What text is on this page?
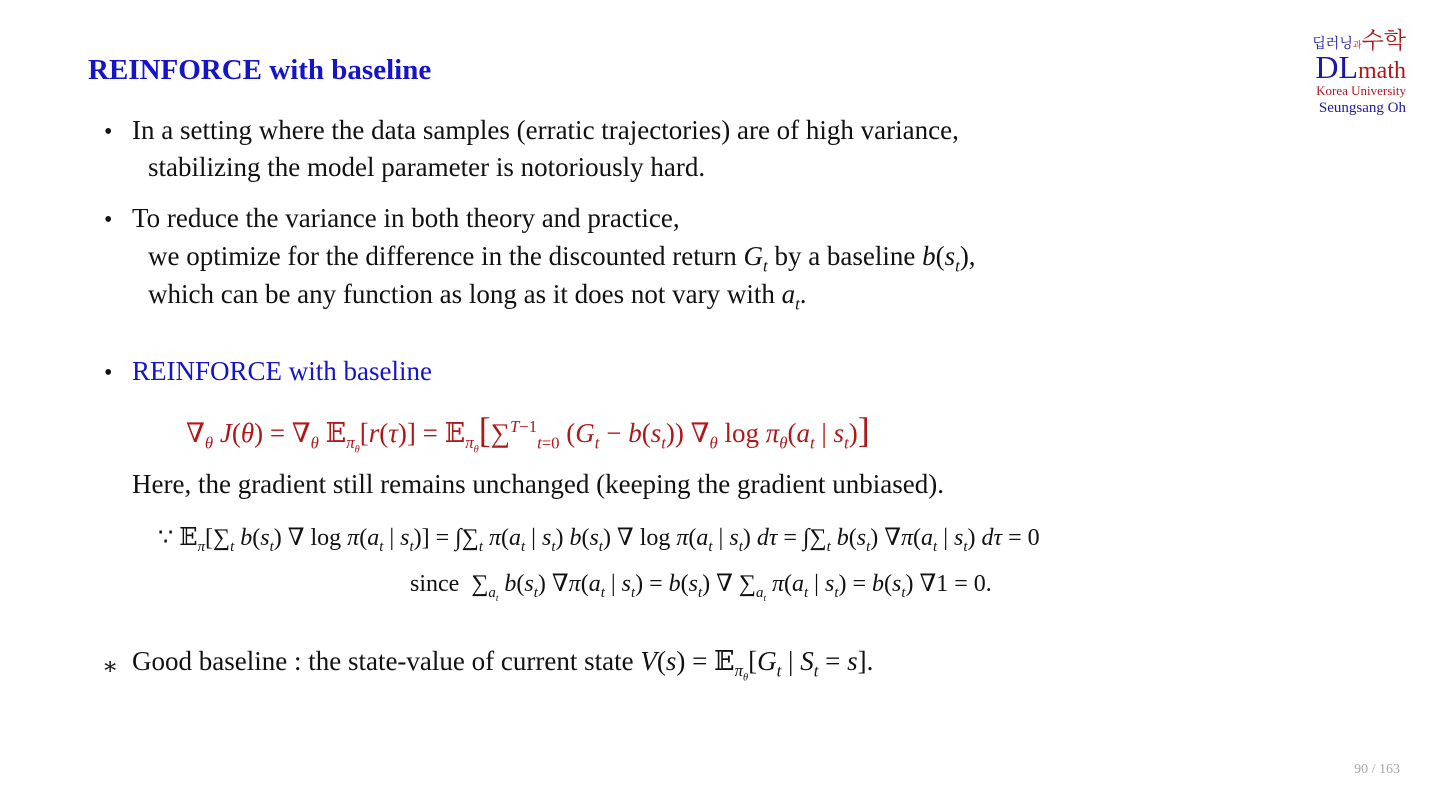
REINFORCE with baseline
딥러닝과수학
DLmath
Korea University
Seungsang Oh
• In a setting where the data samples (erratic trajectories) are of high variance,
stabilizing the model parameter is notoriously hard.
• To reduce the variance in both theory and practice,
we optimize for the difference in the discounted return $G_t$ by a baseline $b(s_t)$,
which can be any function as long as it does not vary with $a_t$.
• REINFORCE with baseline
$\nabla_\theta$ $J(\theta) = \nabla_\theta$ 𝔼$_{\pi_\theta}$[r(τ)] = 𝔼$_{\pi_\theta}$[∑$^{T-1}_{t=0}$ $(G_t - b(s_t))$ $\nabla_\theta$ $\log \pi_\theta(a_t$ | $s_t$)]
Here, the gradient still remains unchanged (keeping the gradient unbiased).
∵ $𝔼_\pi[\sum_t$ $b(s_t)$ ∇ $\log \pi(a_t$ | $s_t)] = \int\sum_t$ $\pi(a_t$ | $s_t$) $b(s_t)$ ∇ $\log \pi(a_t$ | $s_t$) $d\tau = \int\sum_t$ $b(s_t)$ $\nabla\pi(a_t$ | $s_t$) dτ = 0
since  $\sum_{a_t}$ $b(s_t)$ $\nabla\pi(a_t$ | $s_t) = b(s_t)$ ∇ $\sum_{a_t}$ $\pi(a_t$ | $s_t) = b(s_t)$ ∇1 = 0.
∗ Good baseline : the state-value of current state $V(s) = 𝔼_{\pi_\theta}[G_t$ | $S_t = s$].
90 / 163
